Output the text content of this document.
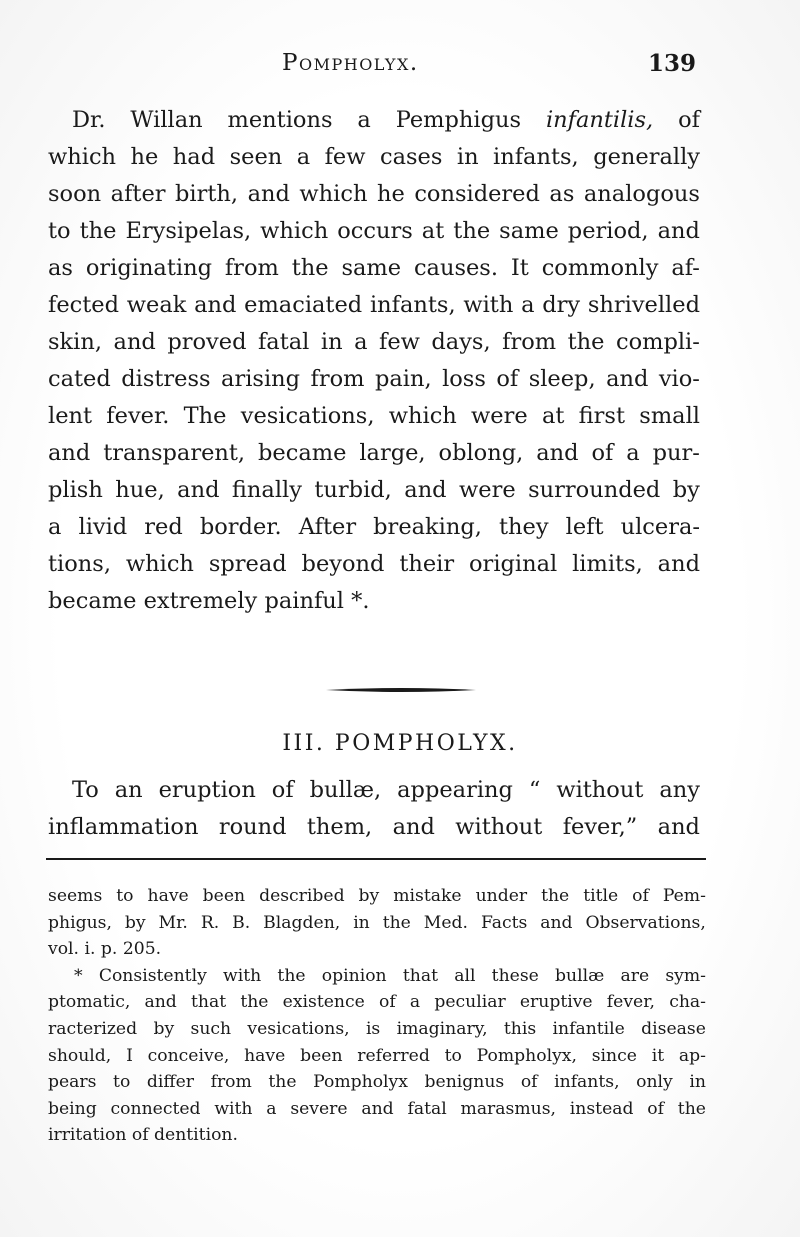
Pompholyx.	139
Dr. Willan mentions a Pemphigus infantilis, of
which he had seen a few cases in infants, generally
soon after birth, and which he considered as analogous
to the Erysipelas, which occurs at the same period, and
as originating from the same causes. It commonly af-
fected weak and emaciated infants, with a dry shrivelled
skin, and proved fatal in a few days, from the compli-
cated distress arising from pain, loss of sleep, and vio-
lent fever. The vesications, which were at first small
and transparent, became large, oblong, and of a pur-
plish hue, and finally turbid, and were surrounded by
a livid red border. After breaking, they left ulcera-
tions, which spread beyond their original limits, and
became extremely painful *.
III. POMPHOLYX.
To an eruption of bullæ, appearing “ without any
inflammation round them, and without fever,” and
seems to have been described by mistake under the title of Pem-
phigus, by Mr. R. B. Blagden, in the Med. Facts and Observations,
vol. i. p. 205.
* Consistently with the opinion that all these bullæ are sym-
ptomatic, and that the existence of a peculiar eruptive fever, cha-
racterized by such vesications, is imaginary, this infantile disease
should, I conceive, have been referred to Pompholyx, since it ap-
pears to differ from the Pompholyx benignus of infants, only in
being connected with a severe and fatal marasmus, instead of the
irritation of dentition.
